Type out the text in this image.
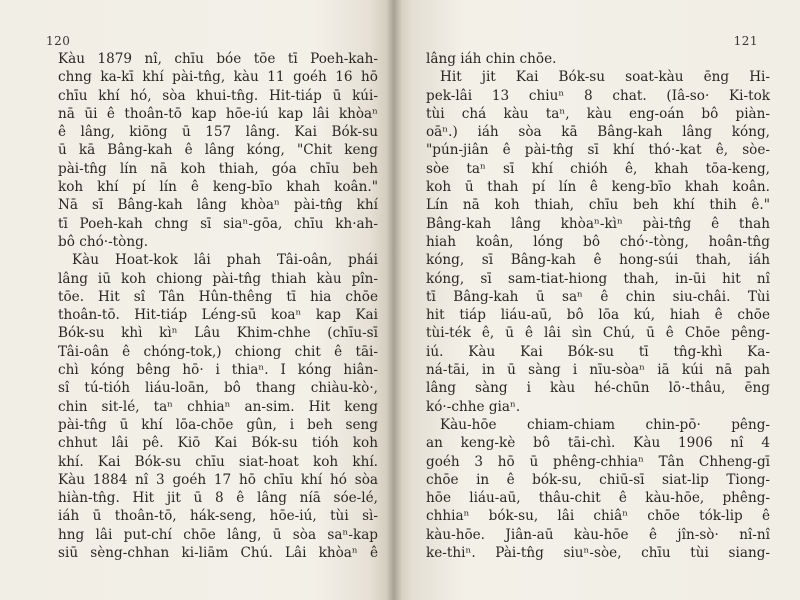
120
Kàu 1879 nî, chīu bóe tōe tī Poeh-kah-
chng ka-kī khí pài-tn̂g, kàu 11 goéh 16 hō
chīu khí hó, sòa khui-tn̂g. Hit-tiáp ū kúi-
nā ūi ê thoân-tō kap hōe-iú kap lâi khòaⁿ
ê lâng, kiōng ū 157 lâng. Kai Bók-su
ū kā Bâng-kah ê lâng kóng, "Chit keng
pài-tn̂g lín nā koh thiah, góa chīu beh
koh khí pí lín ê keng-bīo khah koân."
Nā sī Bâng-kah lâng khòaⁿ pài-tn̂g khí
tī Poeh-kah chng sī siaⁿ-gōa, chīu kh·ah-
bô chó·-tòng.
Kàu Hoat-kok lâi phah Tâi-oân, phái
lâng iū koh chiong pài-tn̂g thiah kàu pîn-
tōe. Hit sî Tân Hûn-thêng tī hia chōe
thoân-tō. Hit-tiáp Léng-sū koaⁿ kap Kai
Bók-su khì kìⁿ Lâu Khim-chhe (chīu-sī
Tâi-oân ê chóng-tok,) chiong chit ê tāi-
chì kóng bêng hō· i thiaⁿ. I kóng hiân-
sî tú-tióh liáu-loān, bô thang chiàu-kò·,
chin sit-lé, taⁿ chhiaⁿ an-sim. Hit keng
pài-tn̂g ū khí lōa-chōe gûn, i beh seng
chhut lâi pê. Kiō Kai Bók-su tióh koh
khí. Kai Bók-su chīu siat-hoat koh khí.
Kàu 1884 nî 3 goéh 17 hō chīu khí hó sòa
hiàn-tn̂g. Hit jit ū 8 ê lâng níā sóe-lé,
iáh ū thoân-tō, hák-seng, hōe-iú, tùi sì-
hng lâi put-chí chōe lâng, ū sòa saⁿ-kap
siū sèng-chhan ki-liām Chú. Lâi khòaⁿ ê
121
lâng iáh chin chōe.
Hit jit Kai Bók-su soat-kàu ēng Hi-
pek-lâi 13 chiuⁿ 8 chat. (Iâ-so· Ki-tok
tùi chá kàu taⁿ, kàu eng-oán bô piàn-
oāⁿ.) iáh sòa kā Bâng-kah lâng kóng,
"pún-jiân ê pài-tn̂g sī khí thó·-kat ê, sòe-
sòe taⁿ sī khí chióh ê, khah tōa-keng,
koh ū thah pí lín ê keng-bīo khah koân.
Lín nā koh thiah, chīu beh khí thih ê."
Bâng-kah lâng khòaⁿ-kìⁿ pài-tn̂g ê thah
hiah koân, lóng bô chó·-tòng, hoân-tn̂g
kóng, sī Bâng-kah ê hong-súi thah, iáh
kóng, sī sam-tiat-hiong thah, in-ūi hit nî
tī Bâng-kah ū saⁿ ê chin siu-châi. Tùi
hit tiáp liáu-aū, bô lōa kú, hiah ê chōe
tùi-ték ê, ū ê lâi sìn Chú, ū ê Chōe pêng-
iú. Kàu Kai Bók-su tī tn̂g-khì Ka-
ná-tāi, in ū sàng i nīu-sòaⁿ iā kúi nā pah
lâng sàng i kàu hé-chūn lō·-thâu, ēng
kó·-chhe giaⁿ.
Kàu-hōe chiam-chiam chin-pō· pêng-
an keng-kè bô tāi-chì. Kàu 1906 nî 4
goéh 3 hō ū phêng-chhiaⁿ Tân Chheng-gī
chōe in ê bók-su, chiū-sī siat-lip Tiong-
hōe liáu-aū, thâu-chit ê kàu-hōe, phêng-
chhiaⁿ bók-su, lâi chiâⁿ chōe tók-lip ê
kàu-hōe. Jiân-aū kàu-hōe ê jîn-sò· nî-nî
ke-thiⁿ. Pài-tn̂g siuⁿ-sòe, chīu tùi siang-
